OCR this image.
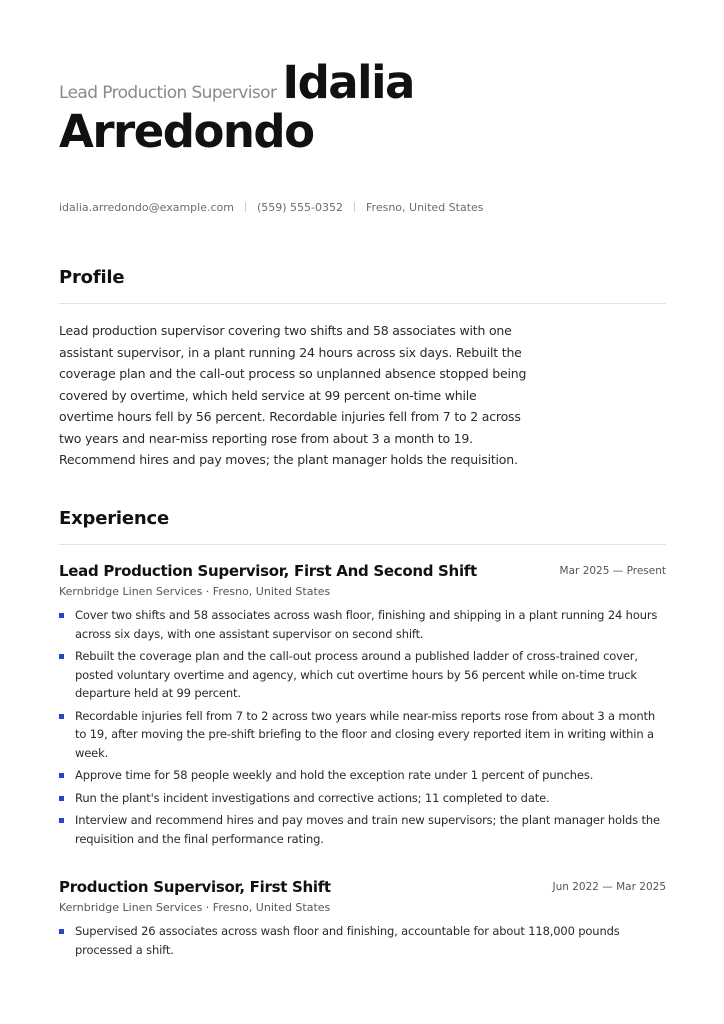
Lead Production Supervisor Idalia
Arredondo
idalia.arredondo@example.com (559) 555-0352 Fresno, United States
Profile
Lead production supervisor covering two shifts and 58 associates with one assistant supervisor, in a plant running 24 hours across six days. Rebuilt the coverage plan and the call-out process so unplanned absence stopped being covered by overtime, which held service at 99 percent on-time while overtime hours fell by 56 percent. Recordable injuries fell from 7 to 2 across two years and near-miss reporting rose from about 3 a month to 19. Recommend hires and pay moves; the plant manager holds the requisition.
Experience
Lead Production Supervisor, First And Second Shift	Mar 2025 — Present
Kernbridge Linen Services · Fresno, United States
Cover two shifts and 58 associates across wash floor, finishing and shipping in a plant running 24 hours across six days, with one assistant supervisor on second shift.
Rebuilt the coverage plan and the call-out process around a published ladder of cross-trained cover, posted voluntary overtime and agency, which cut overtime hours by 56 percent while on-time truck departure held at 99 percent.
Recordable injuries fell from 7 to 2 across two years while near-miss reports rose from about 3 a month to 19, after moving the pre-shift briefing to the floor and closing every reported item in writing within a week.
Approve time for 58 people weekly and hold the exception rate under 1 percent of punches.
Run the plant's incident investigations and corrective actions; 11 completed to date.
Interview and recommend hires and pay moves and train new supervisors; the plant manager holds the requisition and the final performance rating.
Production Supervisor, First Shift	Jun 2022 — Mar 2025
Kernbridge Linen Services · Fresno, United States
Supervised 26 associates across wash floor and finishing, accountable for about 118,000 pounds processed a shift.
